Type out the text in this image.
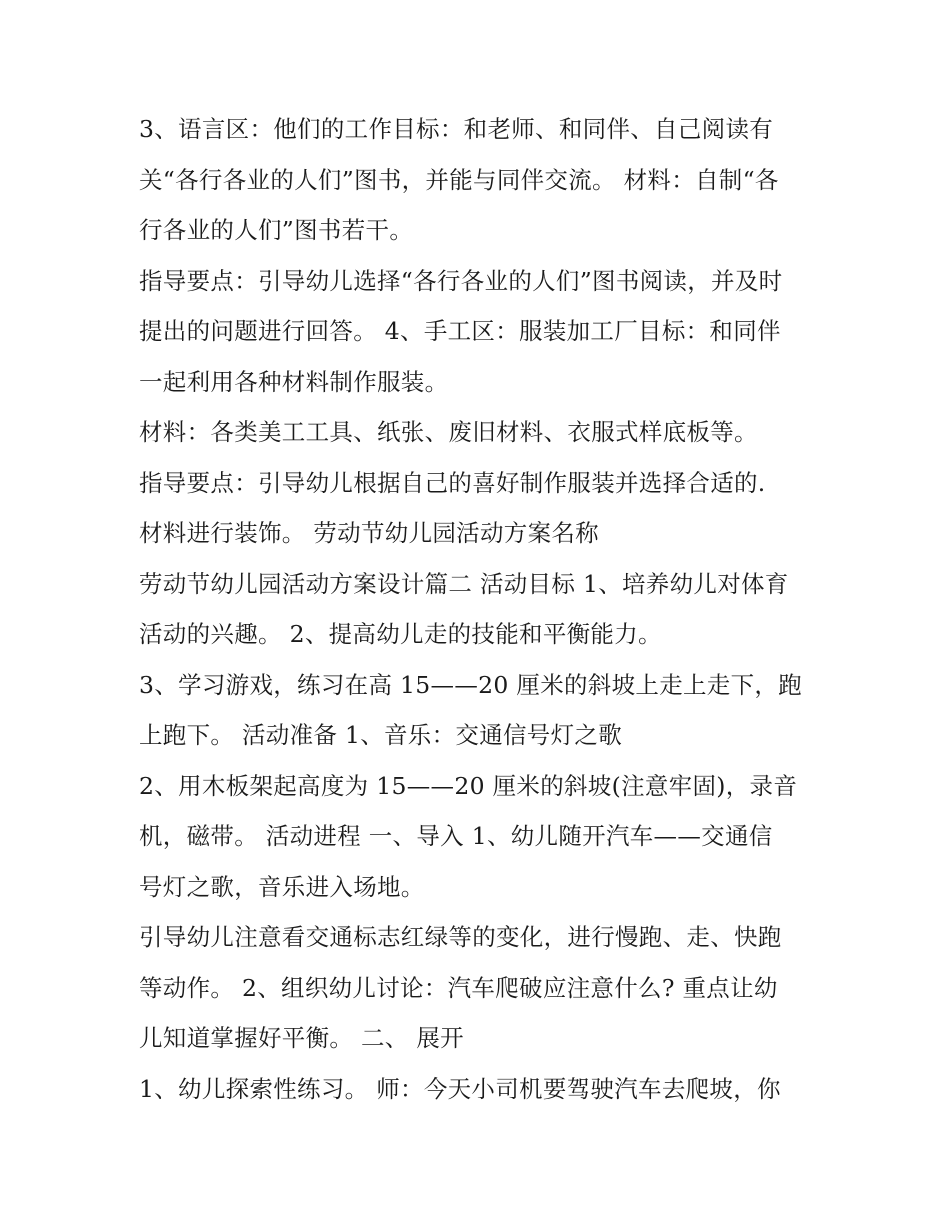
3、语言区：他们的工作目标：和老师、和同伴、自己阅读有
关“各行各业的人们”图书，并能与同伴交流。 材料：自制“各
行各业的人们”图书若干。
指导要点：引导幼儿选择“各行各业的人们”图书阅读，并及时
提出的问题进行回答。 4、手工区：服装加工厂目标：和同伴
一起利用各种材料制作服装。
材料：各类美工工具、纸张、废旧材料、衣服式样底板等。
指导要点：引导幼儿根据自己的喜好制作服装并选择合适的.
材料进行装饰。 劳动节幼儿园活动方案名称
劳动节幼儿园活动方案设计篇二 活动目标 1、培养幼儿对体育
活动的兴趣。 2、提高幼儿走的技能和平衡能力。
3、学习游戏，练习在高 15——20 厘米的斜坡上走上走下，跑
上跑下。 活动准备 1、音乐：交通信号灯之歌
2、用木板架起高度为 15——20 厘米的斜坡(注意牢固)，录音
机，磁带。 活动进程 一、导入 1、幼儿随开汽车——交通信
号灯之歌，音乐进入场地。
引导幼儿注意看交通标志红绿等的变化，进行慢跑、走、快跑
等动作。 2、组织幼儿讨论：汽车爬破应注意什么? 重点让幼
儿知道掌握好平衡。 二、 展开
1、幼儿探索性练习。 师：今天小司机要驾驶汽车去爬坡，你
